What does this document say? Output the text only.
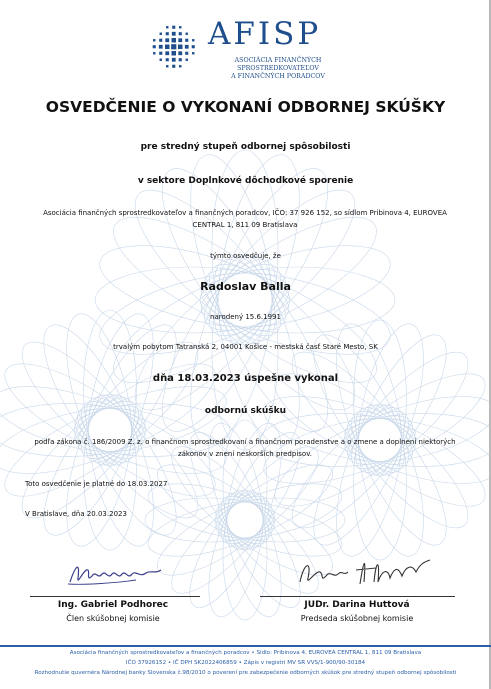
AFISP
ASOCIÁCIA FINANČNÝCH SPROSTREDKOVATEĽOV
A FINANČNÝCH PORADCOV
OSVEDČENIE O VYKONANÍ ODBORNEJ SKÚŠKY
pre stredný stupeň odbornej spôsobilosti
v sektore Doplnkové dôchodkové sporenie
Asociácia finančných sprostredkovateľov a finančných poradcov, IČO: 37 926 152, so sídlom Pribinova 4, EUROVEA CENTRAL 1, 811 09 Bratislava
týmto osvedčuje, že
Radoslav Balla
narodený 15.6.1991
trvalým pobytom Tatranská 2, 04001 Košice - mestská časť Staré Mesto, SK
dňa 18.03.2023 úspešne vykonal
odbornú skúšku
podľa zákona č. 186/2009 Z. z. o finančnom sprostredkovaní a finančnom poradenstve a o zmene a doplnení niektorých zákonov v znení neskorších predpisov.
Toto osvedčenie je platné do 18.03.2027
V Bratislave, dňa 20.03.2023
Ing. Gabriel Podhorec
Člen skúšobnej komisie
JUDr. Darina Huttová
Predseda skúšobnej komisie
Asociácia finančných sprostredkovateľov a finančných poradcov • Sídlo: Pribinova 4, EUROVEA CENTRAL 1, 811 09 Bratislava
IČO 37926152 • IČ DPH SK2022406859 • Zápis v registri MV SR VVS/1-900/90-30184
Rozhodnutie quvernéra Národnej banky Slovenska č.98/2010 o poverení pre zabezpečenie odborných skúšok pre stredný stupeň odbornej spôsobilosti
